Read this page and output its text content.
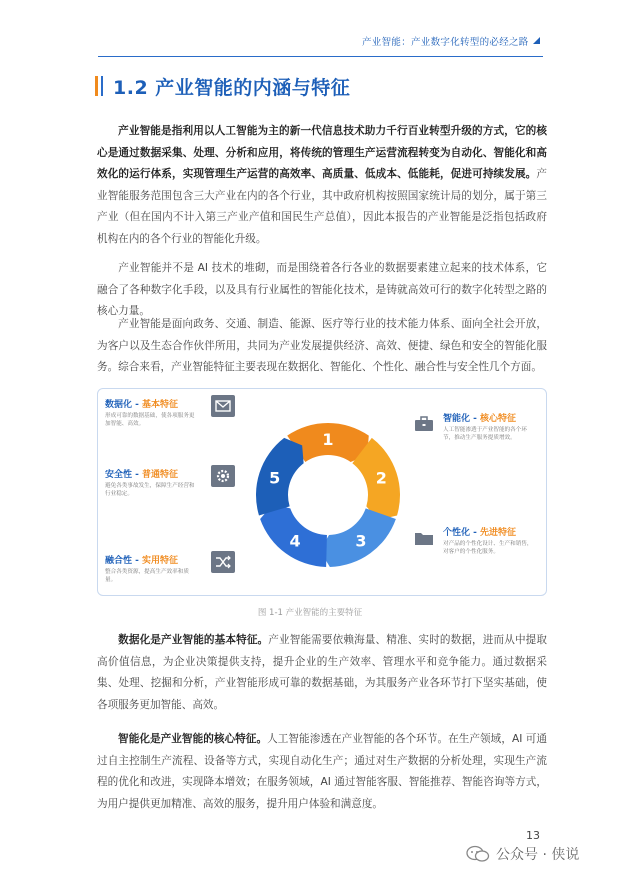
产业智能：产业数字化转型的必经之路
1.2 产业智能的内涵与特征
产业智能是指利用以人工智能为主的新一代信息技术助力千行百业转型升级的方式，它的核心是通过数据采集、处理、分析和应用，将传统的管理生产运营流程转变为自动化、智能化和高效化的运行体系，实现管理生产运营的高效率、高质量、低成本、低能耗，促进可持续发展。产业智能服务范围包含三大产业在内的各个行业，其中政府机构按照国家统计局的划分，属于第三产业（但在国内不计入第三产业产值和国民生产总值），因此本报告的产业智能是泛指包括政府机构在内的各个行业的智能化升级。
产业智能并不是 AI 技术的堆砌，而是围绕着各行各业的数据要素建立起来的技术体系，它融合了各种数字化手段，以及具有行业属性的智能化技术，是铸就高效可行的数字化转型之路的核心力量。
产业智能是面向政务、交通、制造、能源、医疗等行业的技术能力体系、面向全社会开放，为客户以及生态合作伙伴所用，共同为产业发展提供经济、高效、便捷、绿色和安全的智能化服务。综合来看，产业智能特征主要表现在数据化、智能化、个性化、融合性与安全性几个方面。
数据化 - 基本特征
形成可靠的数据基础，使各项服务更加智能、高效。
安全性 - 普通特征
避免各类事故发生，保障生产经营和行业稳定。
融合性 - 实用特征
整合各类资源，提高生产效率和质量。
智能化 - 核心特征
人工智能渗透于产业智能的各个环节，推动生产服务提质增效。
个性化 - 先进特征
对产品的个性化设计、生产和销售，对客户的个性化服务。
1
2
3
4
5
图 1-1 产业智能的主要特征
数据化是产业智能的基本特征。产业智能需要依赖海量、精准、实时的数据，进而从中提取高价值信息，为企业决策提供支持，提升企业的生产效率、管理水平和竞争能力。通过数据采集、处理、挖掘和分析，产业智能形成可靠的数据基础，为其服务产业各环节打下坚实基础，使各项服务更加智能、高效。
智能化是产业智能的核心特征。人工智能渗透在产业智能的各个环节。在生产领域，AI 可通过自主控制生产流程、设备等方式，实现自动化生产；通过对生产数据的分析处理，实现生产流程的优化和改进，实现降本增效；在服务领域，AI 通过智能客服、智能推荐、智能咨询等方式，为用户提供更加精准、高效的服务，提升用户体验和满意度。
13
公众号 · 侠说
